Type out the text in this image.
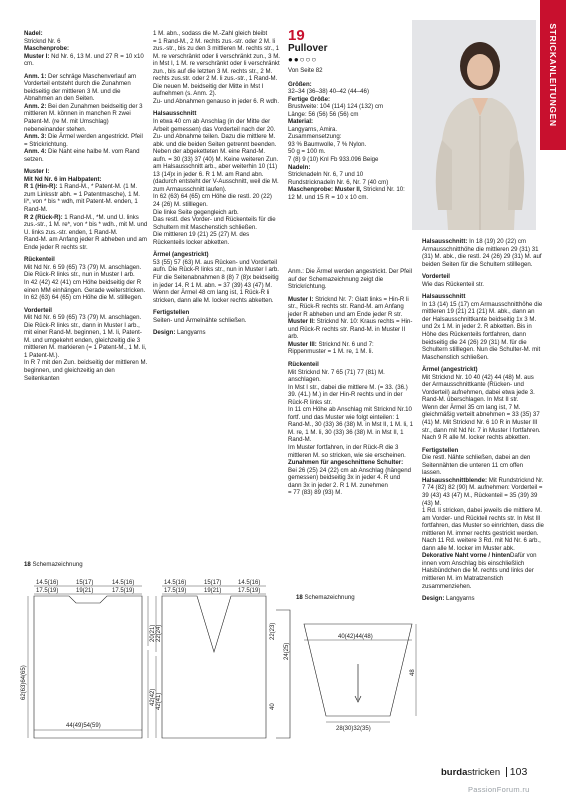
STRICKANLEITUNGEN

Nadel:
Stricknd Nr. 6

Maschenprobe:
Muster I: Nd Nr. 6, 13 M. und 27 R = 10 x10 cm.

Anm. 1: Der schräge Maschenverlauf am Vorderteil entsteht durch die Zunahmen beidseitig der mittleren 3 M. und die Abnahmen an den Seiten.
Anm. 2: Bei den Zunahmen beidseitig der 3 mittleren M. können in manchen R zwei Patent-M. (re M. mit Umschlag) nebeneinander stehen.
Anm. 3: Die Ärmel werden angestrickt. Pfeil = Strickrichtung.
Anm. 4: Die Naht eine halbe M. vom Rand setzen.

Muster I:
Mit Nd Nr. 6 im Halbpatent:
R 1 (Hin-R): 1 Rand-M., * Patent-M. (1 M. zum Linksstr abh. = 1 Patentmasche), 1 M. li*, von * bis * wdh, mit Patent-M. enden, 1 Rand-M.
R 2 (Rück-R): 1 Rand-M., *M. und U. links zus.-str., 1 M. re*, von * bis * wdh., mit M. und U. links zus.-str. enden, 1 Rand-M.
Rand-M. am Anfang jeder R abheben und am Ende jeder R rechts str.

Rückenteil
Mit Nd Nr. 6 59 (65) 73 (79) M. anschlagen. Die Rück-R links str., nun in Muster I arb.
In 42 (42) 42 (41) cm Höhe beidseitig der R einen MM einhängen. Gerade weiterstricken.
In 62 (63) 64 (65) cm Höhe die M. stilllegen.

Vorderteil
Mit Nd Nr. 6 59 (65) 73 (79) M. anschlagen.
Die Rück-R links str., dann in Muster I arb., mit einer Rand-M. beginnen, 1 M. li, Patent-M. und umgekehrt enden, gleichzeitig die 3 mittleren M. markieren (= 1 Patent-M., 1 M. li, 1 Patent-M.).
In R 7 mit den Zun. beidseitig der mittleren M. beginnen, und gleichzeitig an den Seitenkanten

1 M. abn., sodass die M.-Zahl gleich bleibt
= 1 Rand-M., 2 M. rechts zus.-str. oder 2 M. li zus.-str., bis zu den 3 mittleren M. rechts str., 1 M. re verschränkt oder li verschränkt zun., 3 M. in Mst I, 1 M. re verschränkt oder li verschränkt zun., bis auf die letzten 3 M. rechts str., 2 M. rechts zus.str. oder 2 M. li zus.-str., 1 Rand-M.
Die neuen M. beidseitig der Mitte in Mst I aufnehmen (s. Anm. 2).
Zu- und Abnahmen genauso in jeder 6. R wdh.

Halsausschnitt
In etwa 40 cm ab Anschlag (in der Mitte der Arbeit gemessen) das Vorderteil nach der 20. Zu- und Abnahme teilen. Dazu die mittlere M. abk. und die beiden Seiten getrennt beenden.
Neben der abgeketteten M. eine Rand-M. aufn. = 30 (33) 37 (40) M. Keine weiteren Zun. am Halsausschnitt arb., aber weiterhin 10 (11) 13 (14)x in jeder 6. R 1 M. am Rand abn. (dadurch entsteht der V-Ausschnitt, weil die M. zum Armausschnitt laufen).
In 62 (63) 64 (65) cm Höhe die restl. 20 (22) 24 (26) M. stilllegen.
Die linke Seite gegengleich arb.
Das restl. des Vorder- und Rückenteils für die Schultern mit Maschenstich schließen.
Die mittleren 19 (21) 25 (27) M. des Rückenteils locker abketten.

Ärmel (angestrickt)
53 (55) 57 (63) M. aus Rücken- und Vorderteil aufn. Die Rück-R links str., nun in Muster I arb.
Für die Seitenabnahmen 8 (8) 7 (8)x beidseitig in jeder 14. R 1 M. abn. = 37 (39) 43 (47) M.
Wenn der Ärmel 48 cm lang ist, 1 Rück-R li stricken, dann alle M. locker rechts abketten.

Fertigstellen
Seiten- und Ärmelnähte schließen.

Design: Langyarns

19
Pullover
●●○○○
Von Seite 82

Größen:
32–34 (36–38) 40–42 (44–46)

Fertige Größe:
Brustweite: 104 (114) 124 (132) cm
Länge: 56 (56) 56 (56) cm

Material:
Langyarns, Amira.
Zusammensetzung:
93 % Baumwolle, 7 % Nylon.
50 g = 100 m.
7 (8) 9 (10) Knl Fb 933.096 Beige

Nadeln:
Stricknadeln Nr. 6, 7 und 10
Rundstricknadeln Nr. 6, Nr. 7 (40 cm)
Maschenprobe: Muster II, Stricknd Nr. 10: 12 M. und 15 R = 10 x 10 cm.

Anm.: Die Ärmel werden angestrickt. Der Pfeil auf der Schemazeichnung zeigt die Strickrichtung.

Muster I: Stricknd Nr. 7: Glatt links = Hin-R li str., Rück-R rechts str. Rand-M. am Anfang jeder R abheben und am Ende jeder R str.
Muster II: Stricknd Nr. 10: Kraus rechts = Hin- und Rück-R rechts str. Rand-M. in Muster II arb.
Muster III: Stricknd Nr. 6 und 7: Rippenmuster = 1 M. re, 1 M. li.

Rückenteil
Mit Stricknd Nr. 7 65 (71) 77 (81) M. anschlagen.
In Mst I str., dabei die mittlere M. (= 33. (36.) 39. (41.) M.) in der Hin-R rechts und in der Rück-R links str.
In 11 cm Höhe ab Anschlag mit Stricknd Nr.10 fortf. und das Muster wie folgt einteilen: 1 Rand-M., 30 (33) 36 (38) M. in Mst II, 1 M. li, 1 M. re, 1 M. li, 30 (33) 36 (38) M. in Mst II, 1 Rand-M.
Im Muster fortfahren, in der Rück-R die 3 mittleren M. so stricken, wie sie erscheinen.
Zunahmen für angeschnittene Schulter: Bei 26 (25) 24 (22) cm ab Anschlag (hängend gemessen) beidseitig 3x in jeder 4. R und dann 3x in jeder 2. R 1 M. zunehmen
= 77 (83) 89 (93) M.

Halsausschnitt: In 18 (19) 20 (22) cm Armausschnitthöhe die mittleren 29 (31) 31 (31) M. abk., die restl. 24 (26) 29 (31) M. auf beiden Seiten für die Schultern stilllegen.

Vorderteil
Wie das Rückenteil str.

Halsausschnitt
In 13 (14) 15 (17) cm Armausschnitthöhe die mittleren 19 (21) 21 (21) M. abk., dann an der Halsausschnittkante beidseitig 1x 3 M. und 2x 1 M. in jeder 2. R abketten. Bis in Höhe des Rückenteils fortfahren, dann beidseitig die 24 (26) 29 (31) M. für die Schultern stilllegen. Nun die Schulter-M. mit Maschenstich schließen.

Ärmel (angestrickt)
Mit Stricknd Nr. 10 40 (42) 44 (48) M. aus der Armausschnittkante (Rücken- und Vorderteil) aufnehmen, dabei etwa jede 3. Rand-M. überschlagen. In Mst II str.
Wenn der Ärmel 35 cm lang ist, 7 M. gleichmäßig verteilt abnehmen = 33 (35) 37 (41) M. Mit Stricknd Nr. 6 10 R in Muster III str., dann mit Nd Nr. 7 in Muster I fortfahren.
Nach 9 R alle M. locker rechts abketten.

Fertigstellen
Die restl. Nähte schließen, dabei an den Seitennähten die unteren 11 cm offen lassen.
Halsausschnittblende: Mit Rundstricknd Nr. 7 74 (82) 82 (90) M. aufnehmen: Vorderteil = 39 (43) 43 (47) M., Rückenteil = 35 (39) 39 (43) M.
1 Rd. li stricken, dabei jeweils die mittlere M. am Vorder- und Rückteil rechts str. In Mst III fortfahren, das Muster so einrichten, dass die mittleren M. immer rechts gestrickt werden. Nach 11 Rd. weitere 3 Rd. mit Nd Nr. 6 arb., dann alle M. locker im Muster abk.
Dekorative Naht vorne / hintenDafür von innen vom Anschlag bis einschließlich Halsbündchen die M. rechts und links der mittleren M. im Matratzenstich zusammenziehen.

Design: Langyarns

18 Schemazeichnung
14.5(16)	15(17)	14.5(16)
17.5(19)	19(21)	17.5(19)
44(49)54(59)
62(63)64(65)
20(21)
42(42)
14.5(16)	15(17)	14.5(16)
17.5(19)	19(21)	17.5(19)
22(24)
42(41)
22(23)
24(25)
40
18 Schemazeichnung
40(42)44(48)
28(30)32(35)
48
burdastricken 103
PassionForum.ru
